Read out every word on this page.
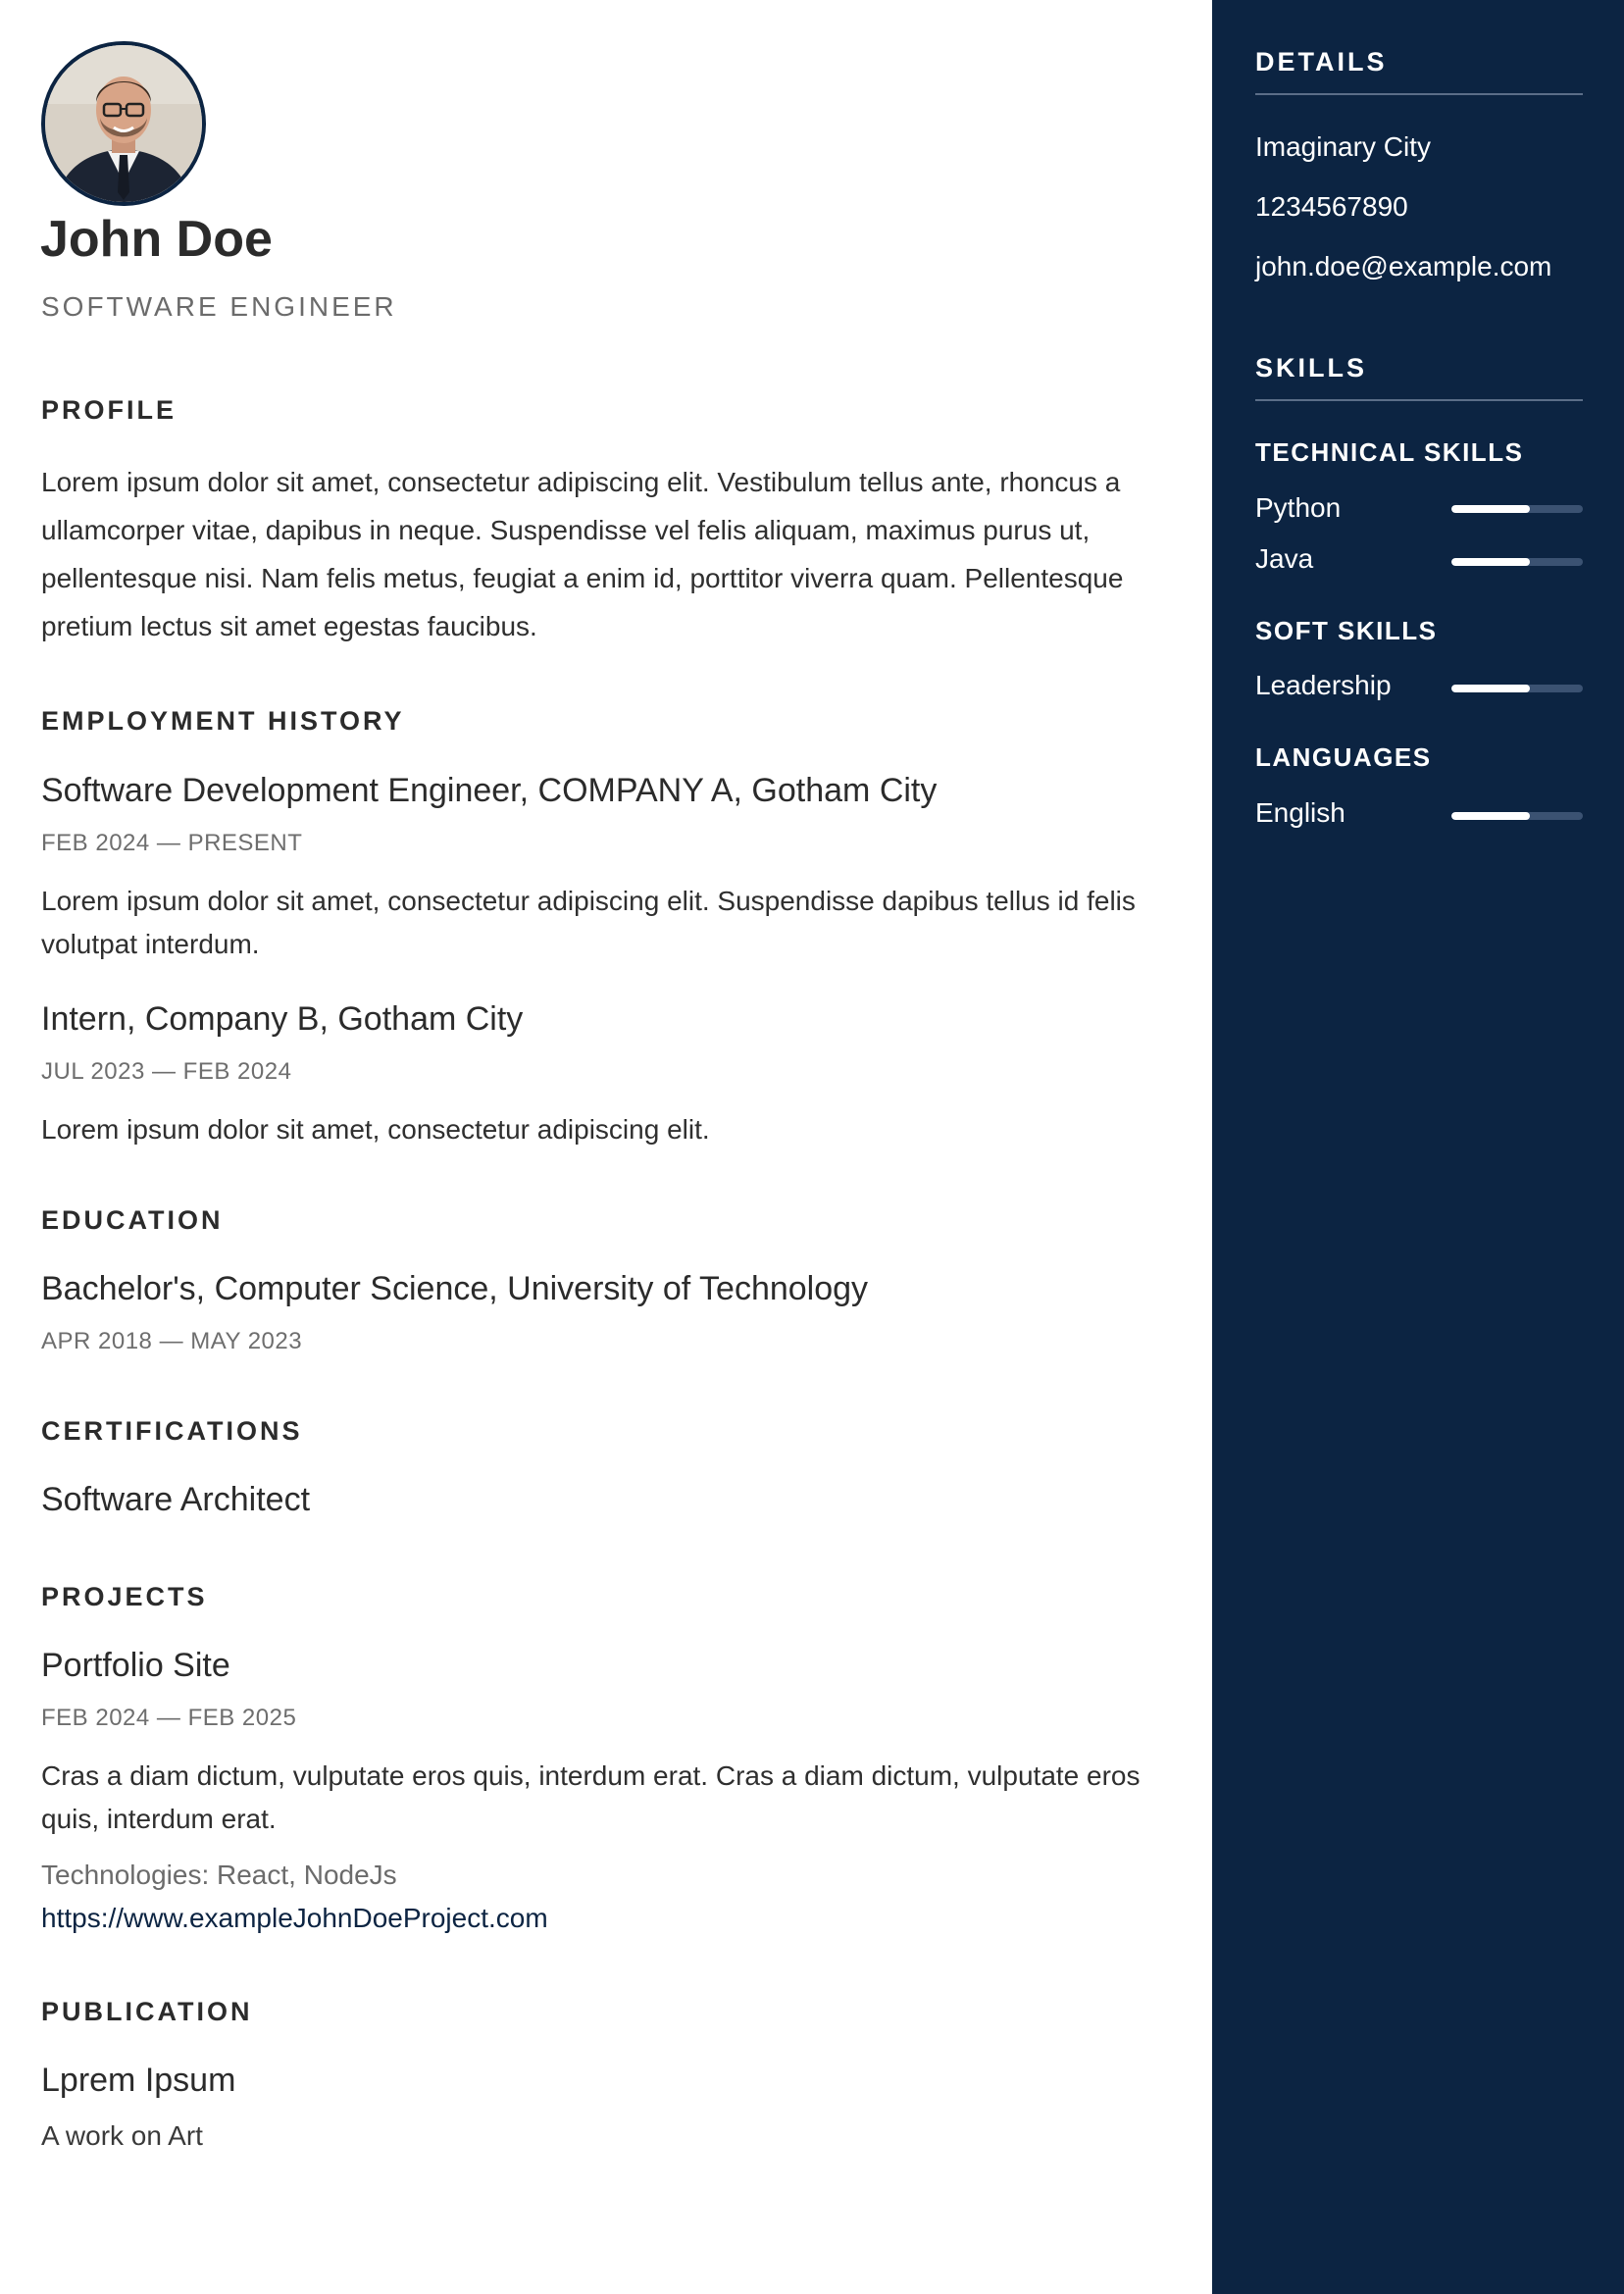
John Doe
SOFTWARE ENGINEER
PROFILE
Lorem ipsum dolor sit amet, consectetur adipiscing elit. Vestibulum tellus ante, rhoncus a ullamcorper vitae, dapibus in neque. Suspendisse vel felis aliquam, maximus purus ut, pellentesque nisi. Nam felis metus, feugiat a enim id, porttitor viverra quam. Pellentesque pretium lectus sit amet egestas faucibus.
EMPLOYMENT HISTORY
Software Development Engineer, COMPANY A, Gotham City
FEB 2024 — PRESENT
Lorem ipsum dolor sit amet, consectetur adipiscing elit. Suspendisse dapibus tellus id felis volutpat interdum.
Intern, Company B, Gotham City
JUL 2023 — FEB 2024
Lorem ipsum dolor sit amet, consectetur adipiscing elit.
EDUCATION
Bachelor's, Computer Science, University of Technology
APR 2018 — MAY 2023
CERTIFICATIONS
Software Architect
PROJECTS
Portfolio Site
FEB 2024 — FEB 2025
Cras a diam dictum, vulputate eros quis, interdum erat. Cras a diam dictum, vulputate eros quis, interdum erat.
Technologies: React, NodeJs
https://www.exampleJohnDoeProject.com
PUBLICATION
Lprem Ipsum
A work on Art
DETAILS
Imaginary City
1234567890
john.doe@example.com
SKILLS
TECHNICAL SKILLS
Python
Java
SOFT SKILLS
Leadership
LANGUAGES
English
